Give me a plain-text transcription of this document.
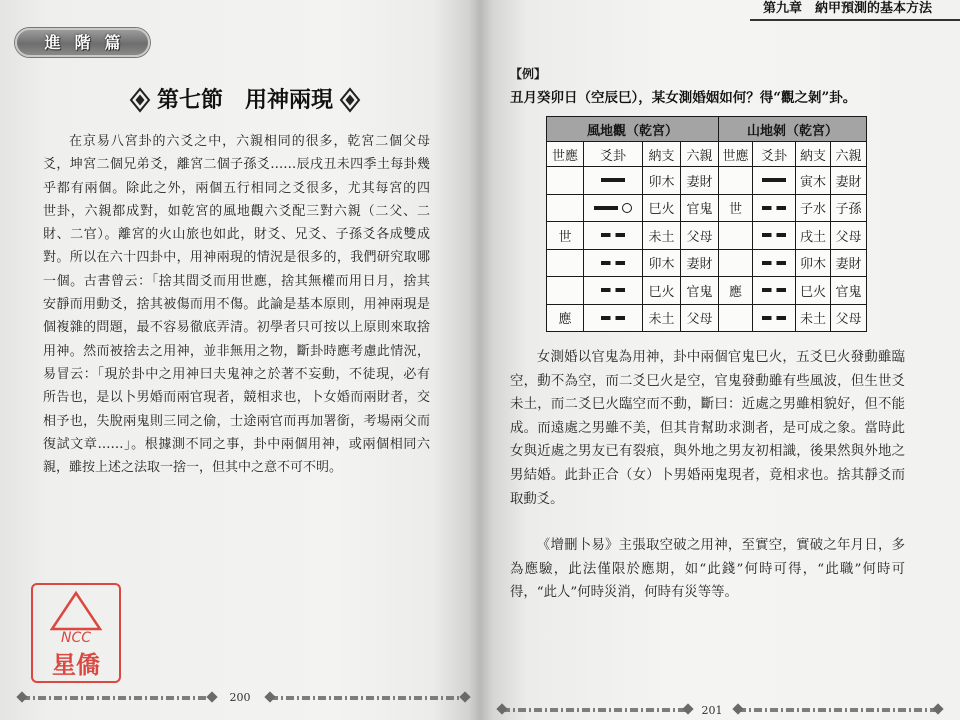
進階篇
第七節　用神兩現
在京易八宮卦的六爻之中，六親相同的很多，乾宮二個父母
爻，坤宮二個兄弟爻，離宮二個子孫爻……辰戌丑未四季土每卦幾
乎都有兩個。除此之外，兩個五行相同之爻很多，尤其每宮的四
世卦，六親都成對，如乾宮的風地觀六爻配三對六親（二父、二
財、二官）。離宮的火山旅也如此，財爻、兄爻、子孫爻各成雙成
對。所以在六十四卦中，用神兩現的情況是很多的，我們研究取哪
一個。古書曾云：「捨其間爻而用世應，捨其無權而用日月，捨其
安靜而用動爻，捨其被傷而用不傷。此論是基本原則，用神兩現是
個複雜的問題，最不容易徹底弄清。初學者只可按以上原則來取捨
用神。然而被捨去之用神，並非無用之物，斷卦時應考慮此情況，
易冒云：「現於卦中之用神曰夫鬼神之於著不妄動，不徒現，必有
所告也，是以卜男婚而兩官現者，競相求也，卜女婚而兩財者，交
相予也，失脫兩鬼則三同之偷，士途兩官而再加署銜，考場兩父而
復試文章……」。根據測不同之事，卦中兩個用神，或兩個相同六
親，雖按上述之法取一捨一，但其中之意不可不明。
200
第九章　納甲預測的基本方法
【例】
丑月癸卯日（空辰巳），某女測婚姻如何？得“觀之剝”卦。
風地觀（乾宮）				山地剝（乾宮）			
世應	爻卦	納支	六親	世應	爻卦	納支	六親
		卯木	妻財			寅木	妻財
		巳火	官鬼	世		子水	子孫
世		未土	父母			戌土	父母
		卯木	妻財			卯木	妻財
		巳火	官鬼	應		巳火	官鬼
應		未土	父母			未土	父母
女測婚以官鬼為用神，卦中兩個官鬼巳火，五爻巳火發動雖臨
空，動不為空，而二爻巳火是空，官鬼發動雖有些風波，但生世爻
未土，而二爻巳火臨空而不動，斷曰：近處之男雖相貌好，但不能
成。而遠處之男雖不美，但其肯幫助求測者，是可成之象。當時此
女與近處之男友已有裂痕，與外地之男友初相識，後果然與外地之
男結婚。此卦正合（女）卜男婚兩鬼現者，竟相求也。捨其靜爻而
取動爻。
《增刪卜易》主張取空破之用神，至實空，實破之年月日，多
為應驗，此法僅限於應期，如“此錢”何時可得，“此職”何時可
得，“此人”何時災消，何時有災等等。
201
NCC
星僑
